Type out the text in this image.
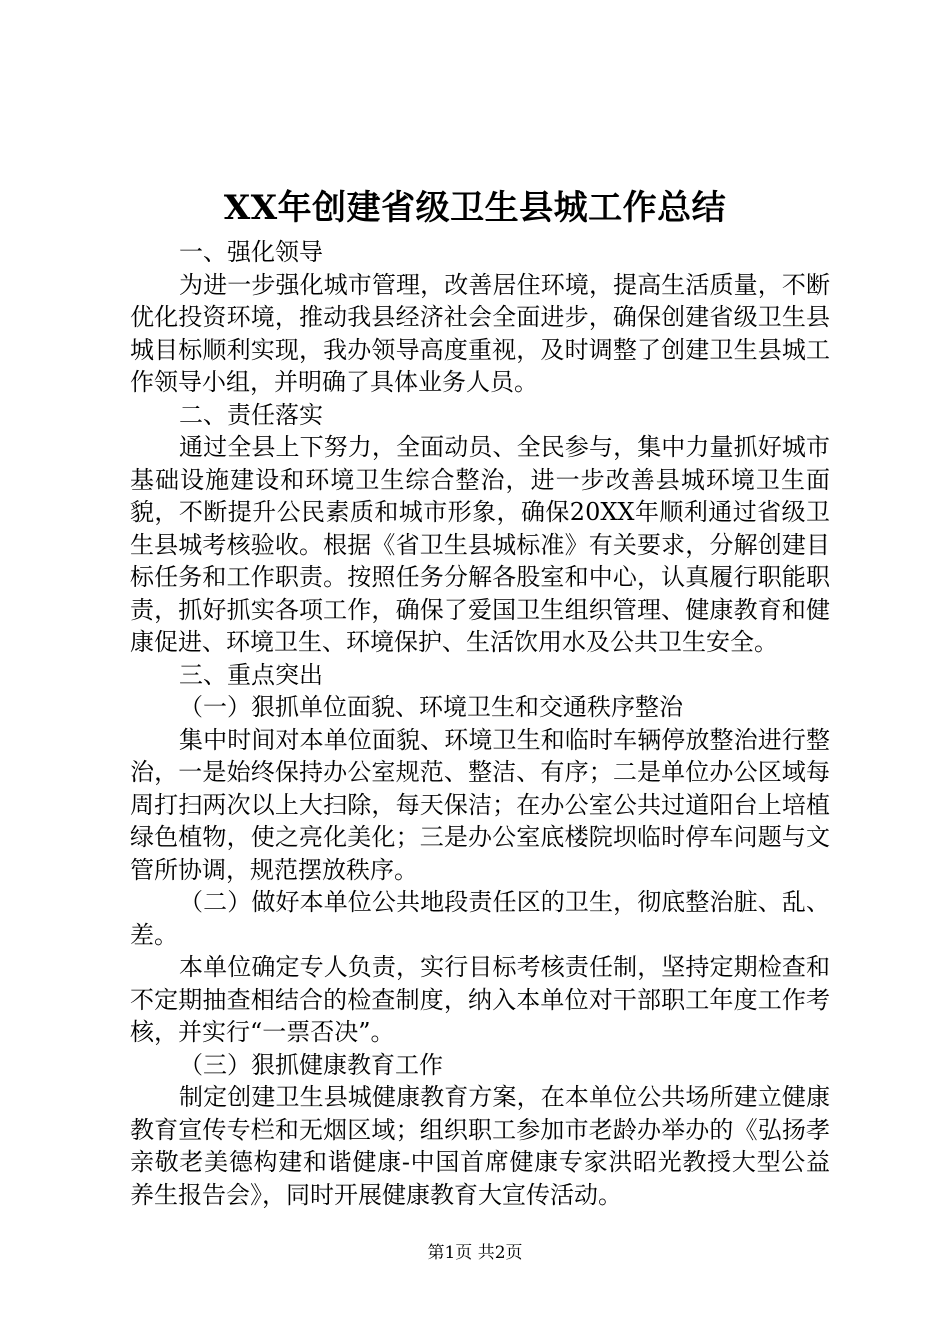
XX年创建省级卫生县城工作总结

一、强化领导

为进一步强化城市管理，改善居住环境，提高生活质量，不断优化投资环境，推动我县经济社会全面进步，确保创建省级卫生县城目标顺利实现，我办领导高度重视，及时调整了创建卫生县城工作领导小组，并明确了具体业务人员。

二、责任落实

通过全县上下努力，全面动员、全民参与，集中力量抓好城市基础设施建设和环境卫生综合整治，进一步改善县城环境卫生面貌，不断提升公民素质和城市形象，确保20XX年顺利通过省级卫生县城考核验收。根据《省卫生县城标准》有关要求，分解创建目标任务和工作职责。按照任务分解各股室和中心，认真履行职能职责，抓好抓实各项工作，确保了爱国卫生组织管理、健康教育和健康促进、环境卫生、环境保护、生活饮用水及公共卫生安全。

三、重点突出

（一）狠抓单位面貌、环境卫生和交通秩序整治

集中时间对本单位面貌、环境卫生和临时车辆停放整治进行整治，一是始终保持办公室规范、整洁、有序；二是单位办公区域每周打扫两次以上大扫除，每天保洁；在办公室公共过道阳台上培植绿色植物，使之亮化美化；三是办公室底楼院坝临时停车问题与文管所协调，规范摆放秩序。

（二）做好本单位公共地段责任区的卫生，彻底整治脏、乱、差。

本单位确定专人负责，实行目标考核责任制，坚持定期检查和不定期抽查相结合的检查制度，纳入本单位对干部职工年度工作考核，并实行“一票否决”。

（三）狠抓健康教育工作

制定创建卫生县城健康教育方案，在本单位公共场所建立健康教育宣传专栏和无烟区域；组织职工参加市老龄办举办的《弘扬孝亲敬老美德构建和谐健康-中国首席健康专家洪昭光教授大型公益养生报告会》，同时开展健康教育大宣传活动。

第1页 共2页
